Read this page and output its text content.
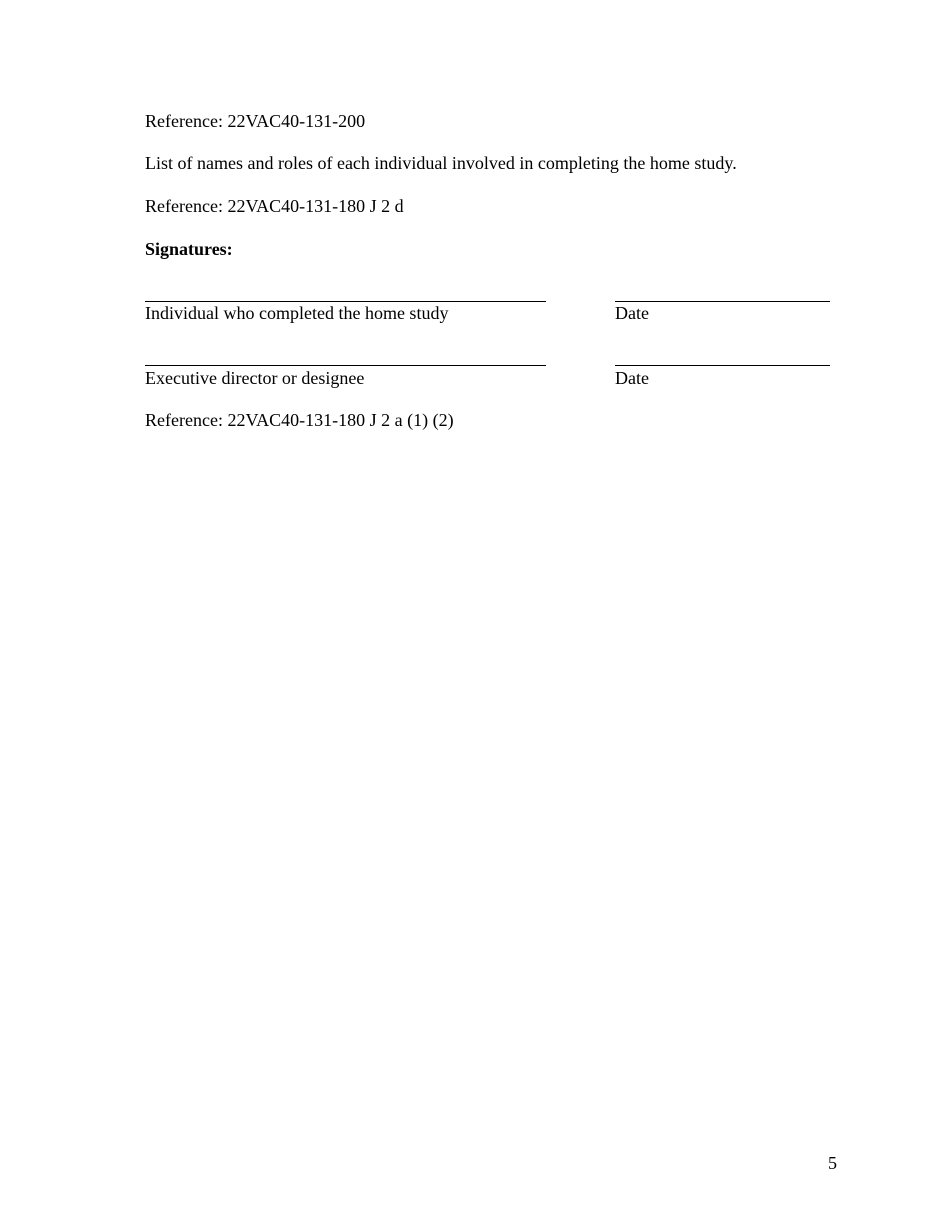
Reference: 22VAC40-131-200
List of names and roles of each individual involved in completing the home study.
Reference: 22VAC40-131-180 J 2 d
Signatures:
Individual who completed the home study	Date
Executive director or designee	Date
Reference: 22VAC40-131-180 J 2 a (1) (2)
5
